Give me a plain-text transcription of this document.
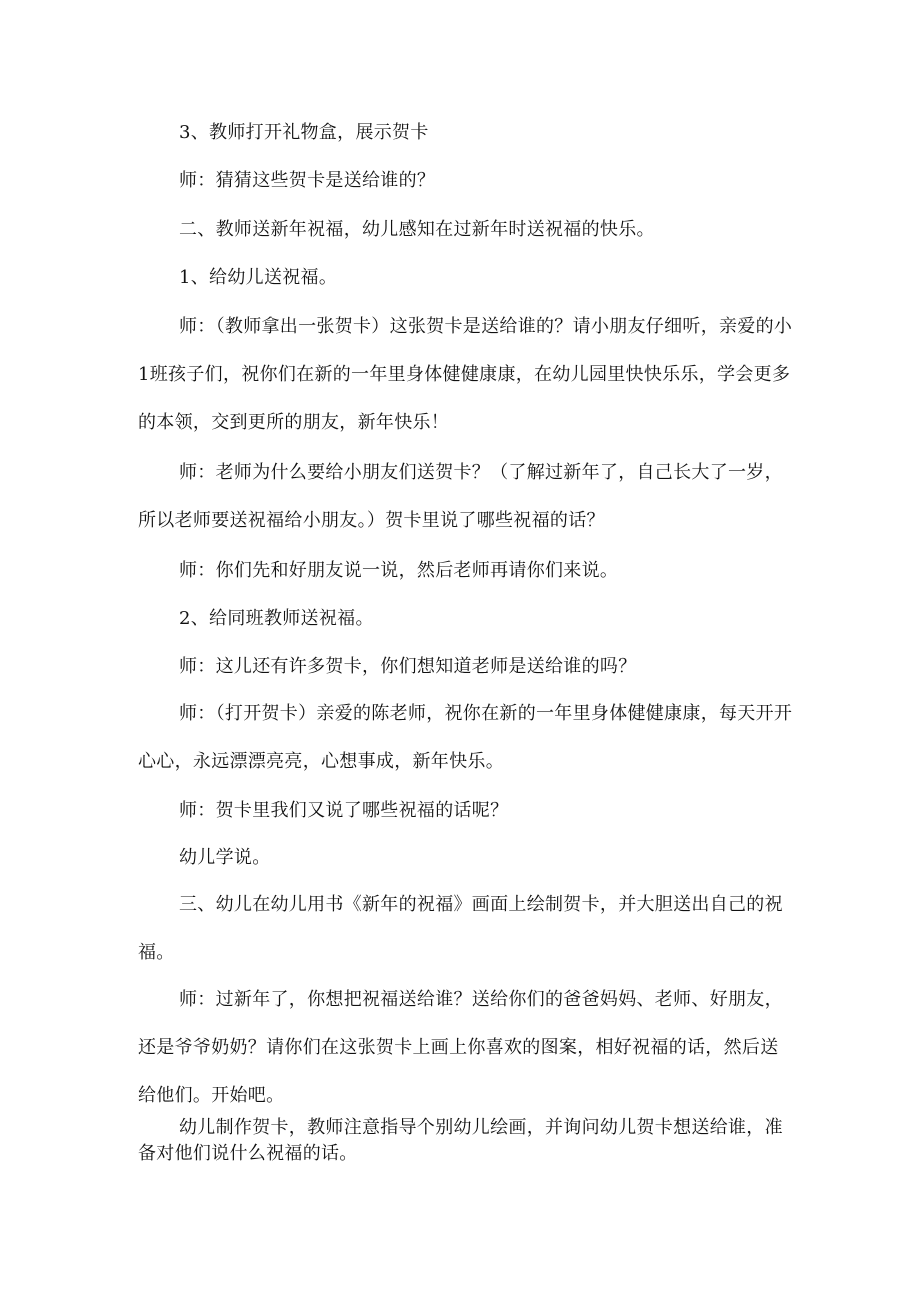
3、教师打开礼物盒，展示贺卡

师：猜猜这些贺卡是送给谁的？

二、教师送新年祝福，幼儿感知在过新年时送祝福的快乐。

1、给幼儿送祝福。

师：（教师拿出一张贺卡）这张贺卡是送给谁的？请小朋友仔细听，亲爱的小1班孩子们，祝你们在新的一年里身体健健康康，在幼儿园里快快乐乐，学会更多的本领，交到更所的朋友，新年快乐！

师：老师为什么要给小朋友们送贺卡？（了解过新年了，自己长大了一岁，所以老师要送祝福给小朋友。）贺卡里说了哪些祝福的话？

师：你们先和好朋友说一说，然后老师再请你们来说。

2、给同班教师送祝福。

师：这儿还有许多贺卡，你们想知道老师是送给谁的吗？

师：（打开贺卡）亲爱的陈老师，祝你在新的一年里身体健健康康，每天开开心心，永远漂漂亮亮，心想事成，新年快乐。

师：贺卡里我们又说了哪些祝福的话呢？

幼儿学说。

三、幼儿在幼儿用书《新年的祝福》画面上绘制贺卡，并大胆送出自己的祝福。

师：过新年了，你想把祝福送给谁？送给你们的爸爸妈妈、老师、好朋友，还是爷爷奶奶？请你们在这张贺卡上画上你喜欢的图案，相好祝福的话，然后送给他们。开始吧。

幼儿制作贺卡，教师注意指导个别幼儿绘画，并询问幼儿贺卡想送给谁，准备对他们说什么祝福的话。
